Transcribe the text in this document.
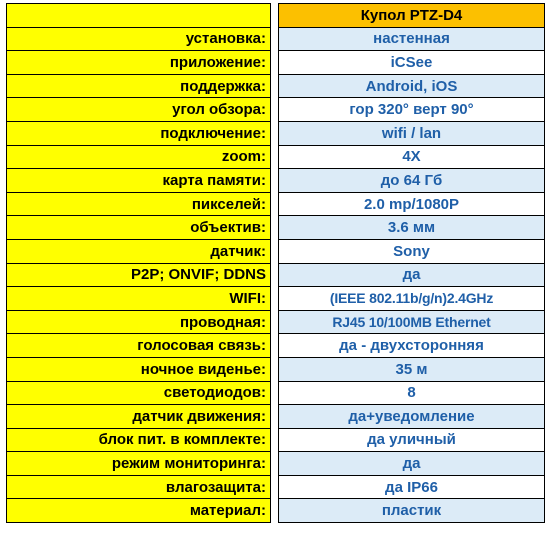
установка:
приложение:
поддержка:
угол обзора:
подключение:
zoom:
карта памяти:
пикселей:
объектив:
датчик:
P2P; ONVIF; DDNS
WIFI:
проводная:
голосовая связь:
ночное виденье:
светодиодов:
датчик движения:
блок пит. в комплекте:
режим мониторинга:
влагозащита:
материал:
Купол PTZ-D4
настенная
iCSee
Android, iOS
гор 320° верт 90°
wifi / lan
4X
до 64 Гб
2.0 mp/1080P
3.6 мм
Sony
да
(IEEE 802.11b/g/n)2.4GHz
RJ45 10/100MB Ethernet
да - двухсторонняя
35 м
8
да+уведомление
да уличный
да
да IP66
пластик
